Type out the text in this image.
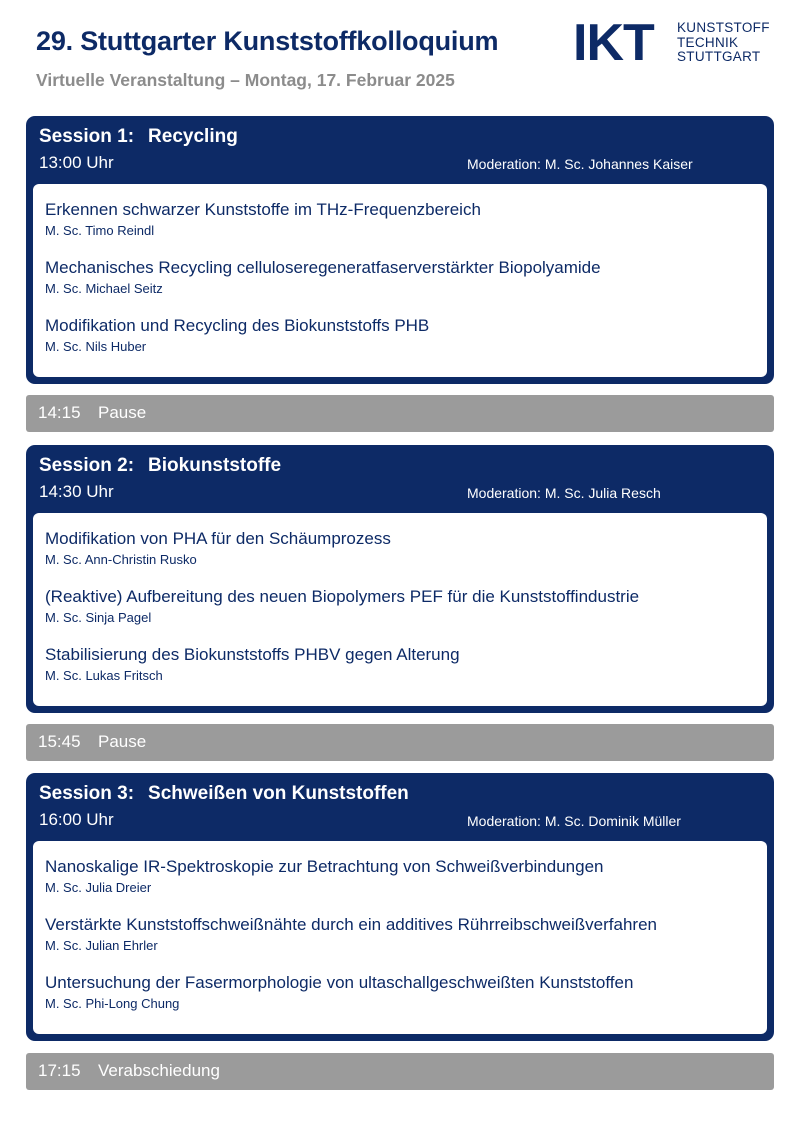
29. Stuttgarter Kunststoffkolloquium
Virtuelle Veranstaltung – Montag, 17. Februar 2025
IKT KUNSTSTOFF
TECHNIK
STUTTGART
Session 1: Recycling
13:00 Uhr	Moderation: M. Sc. Johannes Kaiser
Erkennen schwarzer Kunststoffe im THz-Frequenzbereich
M. Sc. Timo Reindl
Mechanisches Recycling celluloseregeneratfaserverstärkter Biopolyamide
M. Sc. Michael Seitz
Modifikation und Recycling des Biokunststoffs PHB
M. Sc. Nils Huber
14:15 Pause
Session 2: Biokunststoffe
14:30 Uhr	Moderation: M. Sc. Julia Resch
Modifikation von PHA für den Schäumprozess
M. Sc. Ann-Christin Rusko
(Reaktive) Aufbereitung des neuen Biopolymers PEF für die Kunststoffindustrie
M. Sc. Sinja Pagel
Stabilisierung des Biokunststoffs PHBV gegen Alterung
M. Sc. Lukas Fritsch
15:45 Pause
Session 3: Schweißen von Kunststoffen
16:00 Uhr	Moderation: M. Sc. Dominik Müller
Nanoskalige IR-Spektroskopie zur Betrachtung von Schweißverbindungen
M. Sc. Julia Dreier
Verstärkte Kunststoffschweißnähte durch ein additives Rührreibschweißverfahren
M. Sc. Julian Ehrler
Untersuchung der Fasermorphologie von ultaschallgeschweißten Kunststoffen
M. Sc. Phi-Long Chung
17:15 Verabschiedung
